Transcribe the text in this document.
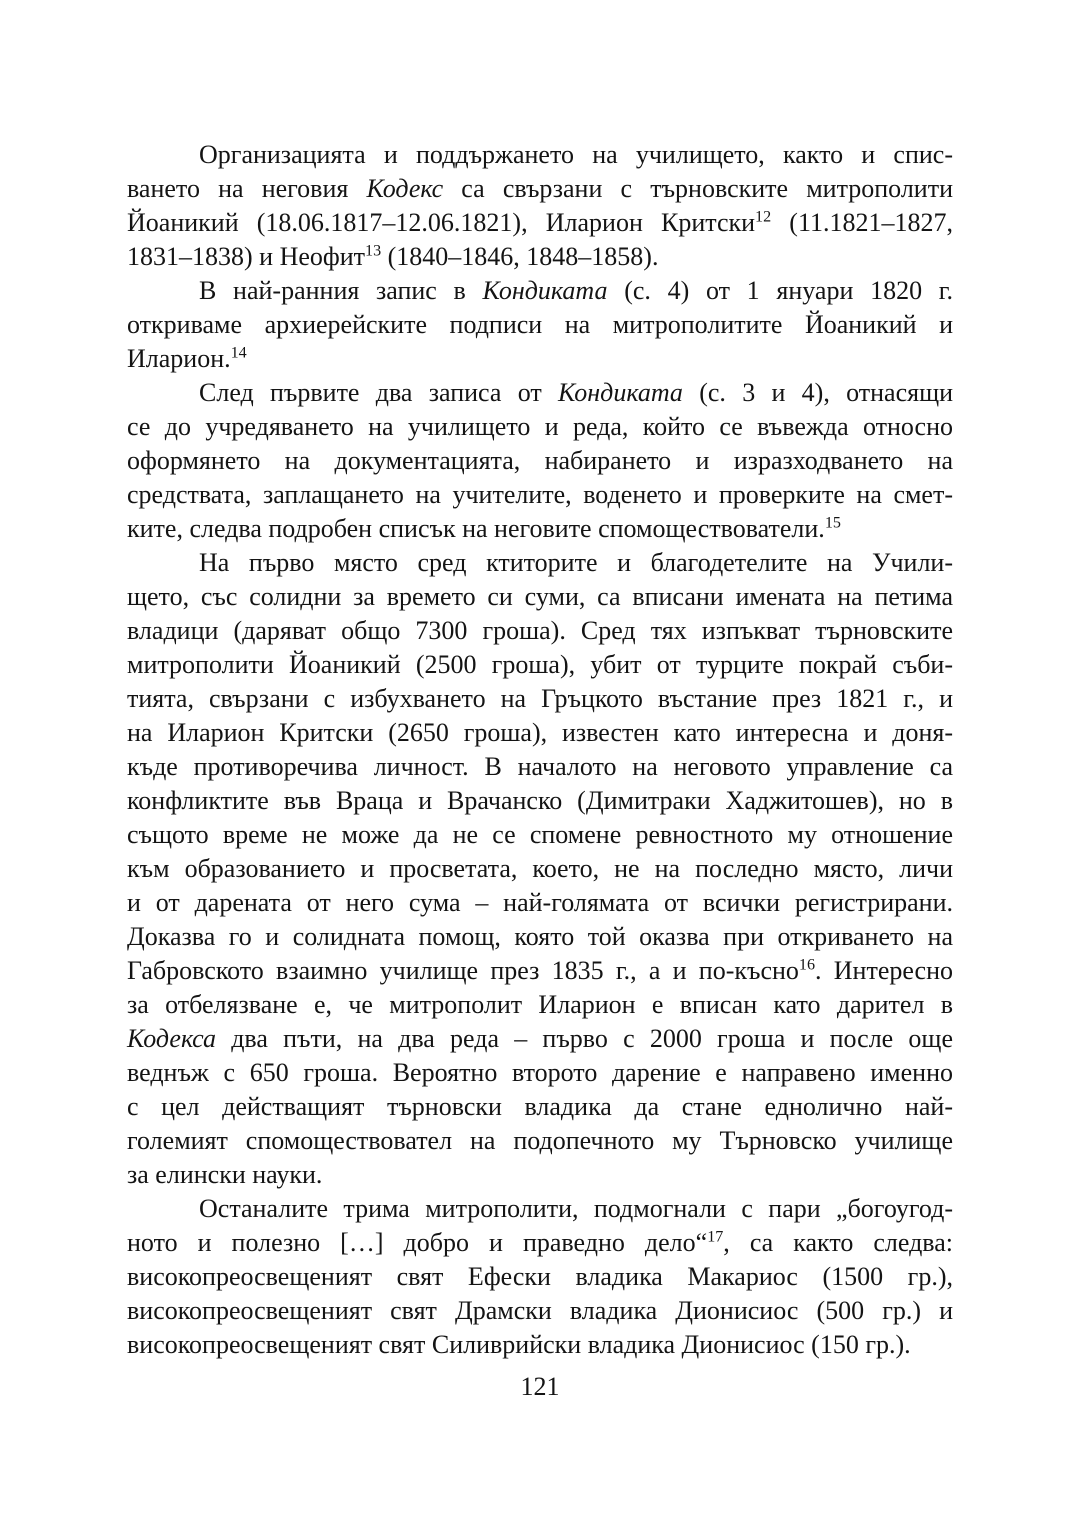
Организацията и поддържането на училището, както и спис-
ването на неговия Кодекс са свързани с търновските митрополити
Йоаникий (18.06.1817–12.06.1821), Иларион Критски$^{12}$ (11.1821–1827,
1831–1838) и Неофит$^{13}$ (1840–1846, 1848–1858).
В най-ранния запис в Кондиката (с. 4) от 1 януари 1820 г.
откриваме архиерейските подписи на митрополитите Йоаникий и
Иларион.$^{14}$
След първите два записа от Кондиката (с. 3 и 4), отнасящи
се до учредяването на училището и реда, който се въвежда относно
оформянето на документацията, набирането и изразходването на
средствата, заплащането на учителите, воденето и проверките на смет-
ките, следва подробен списък на неговите спомоществователи.$^{15}$
На първо място сред ктиторите и благодетелите на Учили-
щето, със солидни за времето си суми, са вписани имената на петима
владици (даряват общо 7300 гроша). Сред тях изпъкват търновските
митрополити Йоаникий (2500 гроша), убит от турците покрай съби-
тията, свързани с избухването на Гръцкото въстание през 1821 г., и
на Иларион Критски (2650 гроша), известен като интересна и доня-
къде противоречива личност. В началото на неговото управление са
конфликтите във Враца и Врачанско (Димитраки Хаджитошев), но в
същото време не може да не се спомене ревностното му отношение
към образованието и просветата, което, не на последно място, личи
и от дарената от него сума – най-голямата от всички регистрирани.
Доказва го и солидната помощ, която той оказва при откриването на
Габровското взаимно училище през 1835 г., а и по-късно$^{16}$. Интересно
за отбелязване е, че митрополит Иларион е вписан като дарител в
Кодекса два пъти, на два реда – първо с 2000 гроша и после още
веднъж с 650 гроша. Вероятно второто дарение е направено именно
с цел действащият търновски владика да стане еднолично най-
големият спомоществовател на подопечното му Търновско училище
за елински науки.
Останалите трима митрополити, подмогнали с пари „богоугод-
ното и полезно […] добро и праведно дело“$^{17}$, са както следва:
високопреосвещеният свят Ефески владика Макариос (1500 гр.),
високопреосвещеният свят Драмски владика Дионисиос (500 гр.) и
високопреосвещеният свят Силиврийски владика Дионисиос (150 гр.).
121
